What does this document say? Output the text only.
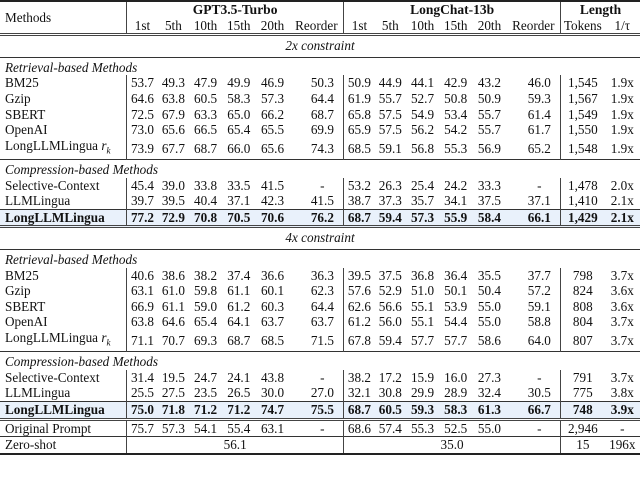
Methods	GPT3.5-Turbo						LongChat-13b						Length	
	1st	5th	10th	15th	20th	Reorder	1st	5th	10th	15th	20th	Reorder	Tokens	1/τ
2x constraint														
Retrieval-based Methods														
BM25	53.7	49.3	47.9	49.9	46.9	50.3	50.9	44.9	44.1	42.9	43.2	46.0	1,545	1.9x
Gzip	64.6	63.8	60.5	58.3	57.3	64.4	61.9	55.7	52.7	50.8	50.9	59.3	1,567	1.9x
SBERT	72.5	67.9	63.3	65.0	66.2	68.7	65.8	57.5	54.9	53.4	55.7	61.4	1,549	1.9x
OpenAI	73.0	65.6	66.5	65.4	65.5	69.9	65.9	57.5	56.2	54.2	55.7	61.7	1,550	1.9x
LongLLMLingua $r_k$	73.9	67.7	68.7	66.0	65.6	74.3	68.5	59.1	56.8	55.3	56.9	65.2	1,548	1.9x
Compression-based Methods														
Selective-Context	45.4	39.0	33.8	33.5	41.5	-	53.2	26.3	25.4	24.2	33.3	-	1,478	2.0x
LLMLingua	39.7	39.5	40.4	37.1	42.3	41.5	38.7	37.3	35.7	34.1	37.5	37.1	1,410	2.1x
LongLLMLingua	77.2	72.9	70.8	70.5	70.6	76.2	68.7	59.4	57.3	55.9	58.4	66.1	1,429	2.1x
4x constraint														
Retrieval-based Methods														
BM25	40.6	38.6	38.2	37.4	36.6	36.3	39.5	37.5	36.8	36.4	35.5	37.7	798	3.7x
Gzip	63.1	61.0	59.8	61.1	60.1	62.3	57.6	52.9	51.0	50.1	50.4	57.2	824	3.6x
SBERT	66.9	61.1	59.0	61.2	60.3	64.4	62.6	56.6	55.1	53.9	55.0	59.1	808	3.6x
OpenAI	63.8	64.6	65.4	64.1	63.7	63.7	61.2	56.0	55.1	54.4	55.0	58.8	804	3.7x
LongLLMLingua $r_k$	71.1	70.7	69.3	68.7	68.5	71.5	67.8	59.4	57.7	57.7	58.6	64.0	807	3.7x
Compression-based Methods														
Selective-Context	31.4	19.5	24.7	24.1	43.8	-	38.2	17.2	15.9	16.0	27.3	-	791	3.7x
LLMLingua	25.5	27.5	23.5	26.5	30.0	27.0	32.1	30.8	29.9	28.9	32.4	30.5	775	3.8x
LongLLMLingua	75.0	71.8	71.2	71.2	74.7	75.5	68.7	60.5	59.3	58.3	61.3	66.7	748	3.9x
Original Prompt	75.7	57.3	54.1	55.4	63.1	-	68.6	57.4	55.3	52.5	55.0	-	2,946	-
Zero-shot	56.1						35.0						15	196x
